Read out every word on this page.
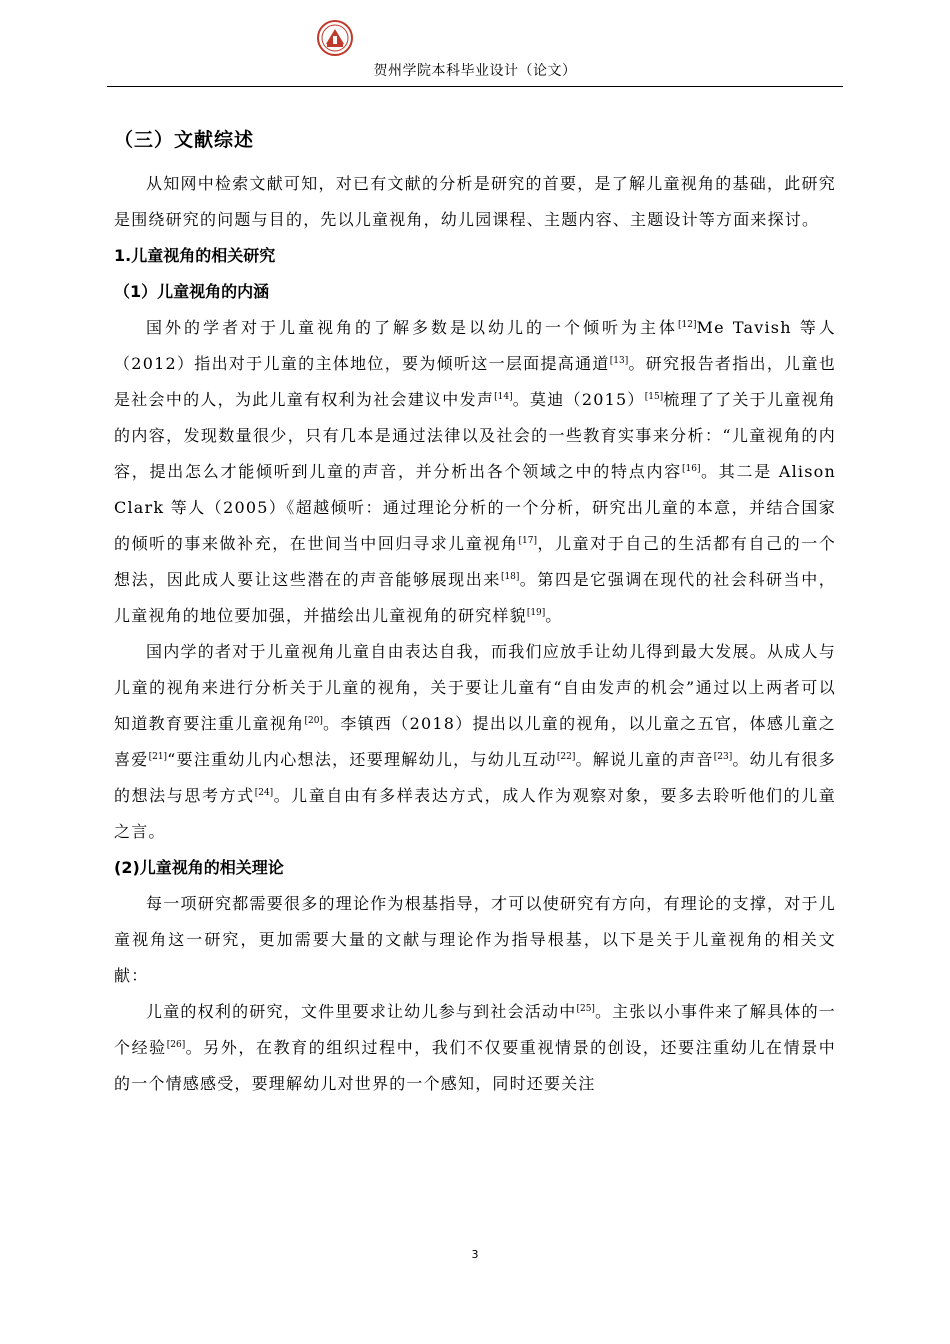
贺州学院本科毕业设计（论文）
（三）文献综述

从知网中检索文献可知，对已有文献的分析是研究的首要，是了解儿童视角的基础，此研究是围绕研究的问题与目的，先以儿童视角，幼儿园课程、主题内容、主题设计等方面来探讨。

1.儿童视角的相关研究
（1）儿童视角的内涵

国外的学者对于儿童视角的了解多数是以幼儿的一个倾听为主体[12]Me Tavish 等人（2012）指出对于儿童的主体地位，要为倾听这一层面提高通道[13]。研究报告者指出，儿童也是社会中的人，为此儿童有权利为社会建议中发声[14]。莫迪（2015）[15]梳理了了关于儿童视角的内容，发现数量很少，只有几本是通过法律以及社会的一些教育实事来分析：“儿童视角的内容，提出怎么才能倾听到儿童的声音，并分析出各个领域之中的特点内容[16]。其二是 Alison Clark 等人（2005）《超越倾听：通过理论分析的一个分析，研究出儿童的本意，并结合国家的倾听的事来做补充，在世间当中回归寻求儿童视角[17]，儿童对于自己的生活都有自己的一个想法，因此成人要让这些潜在的声音能够展现出来[18]。第四是它强调在现代的社会科研当中，儿童视角的地位要加强，并描绘出儿童视角的研究样貌[19]。

国内学的者对于儿童视角儿童自由表达自我，而我们应放手让幼儿得到最大发展。从成人与儿童的视角来进行分析关于儿童的视角，关于要让儿童有“自由发声的机会”通过以上两者可以知道教育要注重儿童视角[20]。李镇西（2018）提出以儿童的视角，以儿童之五官，体感儿童之喜爱[21]“要注重幼儿内心想法，还要理解幼儿，与幼儿互动[22]。解说儿童的声音[23]。幼儿有很多的想法与思考方式[24]。儿童自由有多样表达方式，成人作为观察对象，要多去聆听他们的儿童之言。

(2)儿童视角的相关理论

每一项研究都需要很多的理论作为根基指导，才可以使研究有方向，有理论的支撑，对于儿童视角这一研究，更加需要大量的文献与理论作为指导根基，以下是关于儿童视角的相关文献：

儿童的权利的研究，文件里要求让幼儿参与到社会活动中[25]。主张以小事件来了解具体的一个经验[26]。另外，在教育的组织过程中，我们不仅要重视情景的创设，还要注重幼儿在情景中的一个情感感受，要理解幼儿对世界的一个感知，同时还要关注

3
